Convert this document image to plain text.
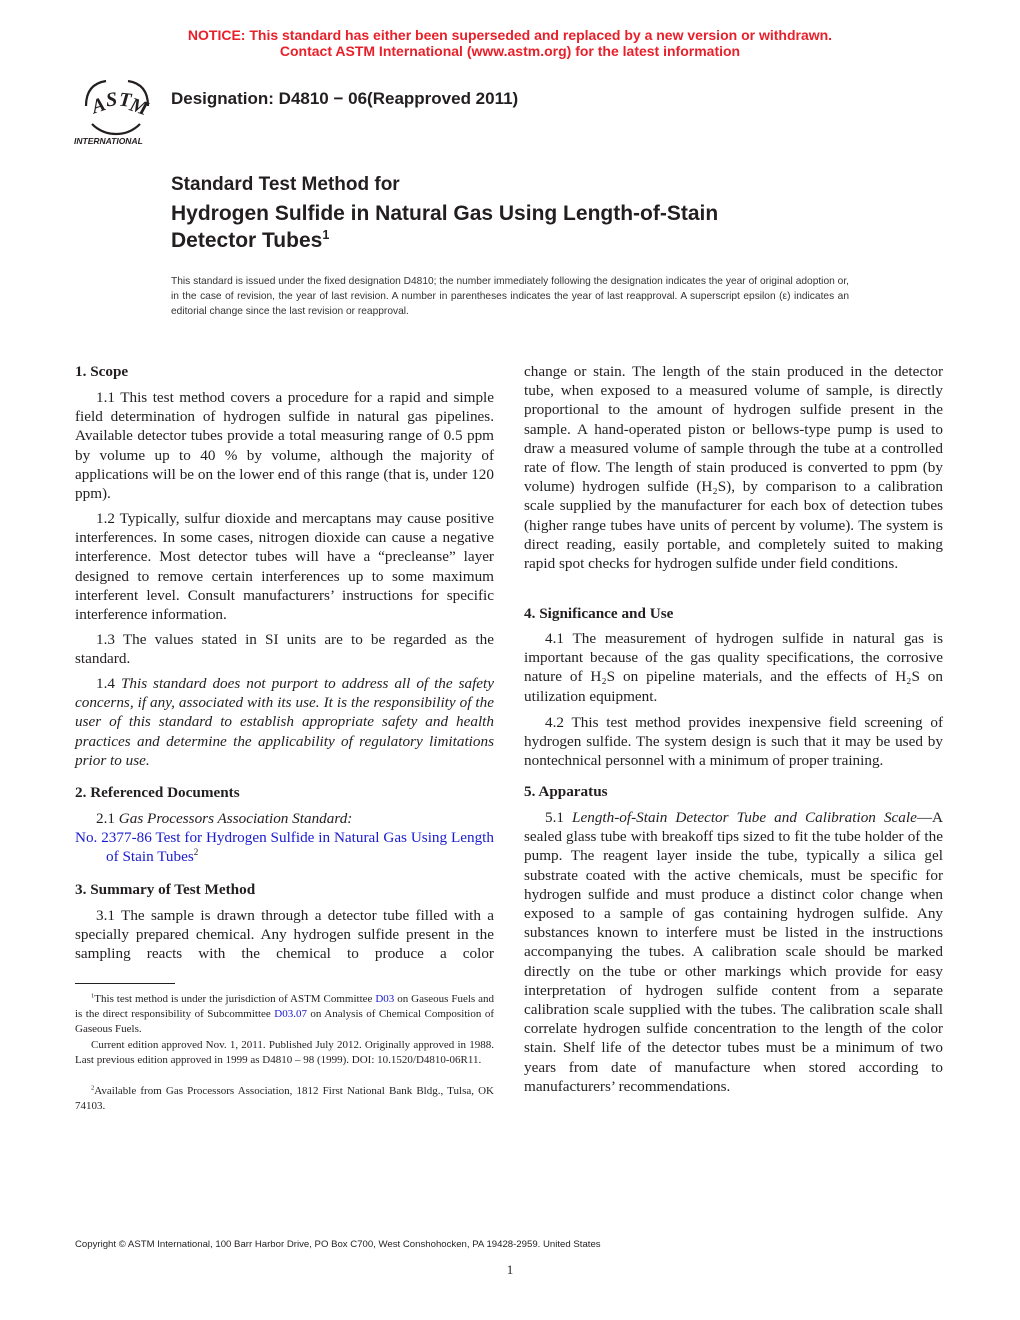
NOTICE: This standard has either been superseded and replaced by a new version or withdrawn.
Contact ASTM International (www.astm.org) for the latest information
A
S T
M
INTERNATIONAL
Designation: D4810 − 06(Reapproved 2011)
Standard Test Method for
Hydrogen Sulfide in Natural Gas Using Length-of-Stain
Detector Tubes$^1$
This standard is issued under the fixed designation D4810; the number immediately following the designation indicates the year of original adoption or, in the case of revision, the year of last revision. A number in parentheses indicates the year of last reapproval. A superscript epsilon (ε) indicates an editorial change since the last revision or reapproval.
1. Scope
1.1 This test method covers a procedure for a rapid and simple field determination of hydrogen sulfide in natural gas pipelines. Available detector tubes provide a total measuring range of 0.5 ppm by volume up to 40 % by volume, although the majority of applications will be on the lower end of this range (that is, under 120 ppm).
1.2 Typically, sulfur dioxide and mercaptans may cause positive interferences. In some cases, nitrogen dioxide can cause a negative interference. Most detector tubes will have a “precleanse” layer designed to remove certain interferences up to some maximum interferent level. Consult manufacturers’ instructions for specific interference information.
1.3 The values stated in SI units are to be regarded as the standard.
1.4 This standard does not purport to address all of the safety concerns, if any, associated with its use. It is the responsibility of the user of this standard to establish appropriate safety and health practices and determine the applicability of regulatory limitations prior to use.
2. Referenced Documents
2.1 Gas Processors Association Standard:
No. 2377-86 Test for Hydrogen Sulfide in Natural Gas Using Length of Stain Tubes$^2$
3. Summary of Test Method
3.1 The sample is drawn through a detector tube filled with a specially prepared chemical. Any hydrogen sulfide present in the sampling reacts with the chemical to produce a color
$^1$This test method is under the jurisdiction of ASTM Committee D03 on Gaseous Fuels and is the direct responsibility of Subcommittee D03.07 on Analysis of Chemical Composition of Gaseous Fuels.
Current edition approved Nov. 1, 2011. Published July 2012. Originally approved in 1988. Last previous edition approved in 1999 as D4810 – 98 (1999). DOI: 10.1520/D4810-06R11.
$^2$Available from Gas Processors Association, 1812 First National Bank Bldg., Tulsa, OK 74103.
change or stain. The length of the stain produced in the detector tube, when exposed to a measured volume of sample, is directly proportional to the amount of hydrogen sulfide present in the sample. A hand-operated piston or bellows-type pump is used to draw a measured volume of sample through the tube at a controlled rate of flow. The length of stain produced is converted to ppm (by volume) hydrogen sulfide (H₂S), by comparison to a calibration scale supplied by the manufacturer for each box of detection tubes (higher range tubes have units of percent by volume). The system is direct reading, easily portable, and completely suited to making rapid spot checks for hydrogen sulfide under field conditions.
4. Significance and Use
4.1 The measurement of hydrogen sulfide in natural gas is important because of the gas quality specifications, the corrosive nature of H₂S on pipeline materials, and the effects of H₂S on utilization equipment.
4.2 This test method provides inexpensive field screening of hydrogen sulfide. The system design is such that it may be used by nontechnical personnel with a minimum of proper training.
5. Apparatus
5.1 Length-of-Stain Detector Tube and Calibration Scale—A sealed glass tube with breakoff tips sized to fit the tube holder of the pump. The reagent layer inside the tube, typically a silica gel substrate coated with the active chemicals, must be specific for hydrogen sulfide and must produce a distinct color change when exposed to a sample of gas containing hydrogen sulfide. Any substances known to interfere must be listed in the instructions accompanying the tubes. A calibration scale should be marked directly on the tube or other markings which provide for easy interpretation of hydrogen sulfide content from a separate calibration scale supplied with the tubes. The calibration scale shall correlate hydrogen sulfide concentration to the length of the color stain. Shelf life of the detector tubes must be a minimum of two years from date of manufacture when stored according to manufacturers’ recommendations.
Copyright © ASTM International, 100 Barr Harbor Drive, PO Box C700, West Conshohocken, PA 19428-2959. United States
1
